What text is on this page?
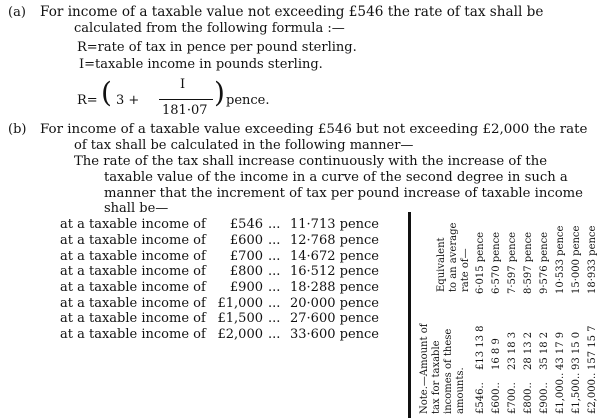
(a) For income of a taxable value not exceeding £546 the rate of tax shall be
calculated from the following formula :—
R=rate of tax in pence per pound sterling.
I=taxable income in pounds sterling.
R= ( 3 +
I
181·07
) pence.
(b) For income of a taxable value exceeding £546 but not exceeding £2,000 the rate
of tax shall be calculated in the following manner—
The rate of the tax shall increase continuously with the increase of the
taxable value of the income in a curve of the second degree in such a
manner that the increment of tax per pound increase of taxable income
shall be—
at a taxable income of £546 ... 11·713 pence
at a taxable income of £600 ... 12·768 pence
at a taxable income of £700 ... 14·672 pence
at a taxable income of £800 ... 16·512 pence
at a taxable income of £900 ... 18·288 pence
at a taxable income of £1,000 ... 20·000 pence
at a taxable income of £1,500 ... 27·600 pence
at a taxable income of £2,000 ... 33·600 pence	Note.—Amount of tax for taxable incomes of these amounts.
Equivalent to an average rate of—
£546..
£13 13 8
6·015 pence
£600..
16 8 9
6·570 pence
£700..
23 18 3
7·597 pence
£800..
28 13 2
8·597 pence
£900..
35 18 2
9·576 pence
£1,000..
43 17 9
10·533 pence
£1,500..
93 15 0
15·000 pence
£2,000..
157 15 7
18·933 pence
